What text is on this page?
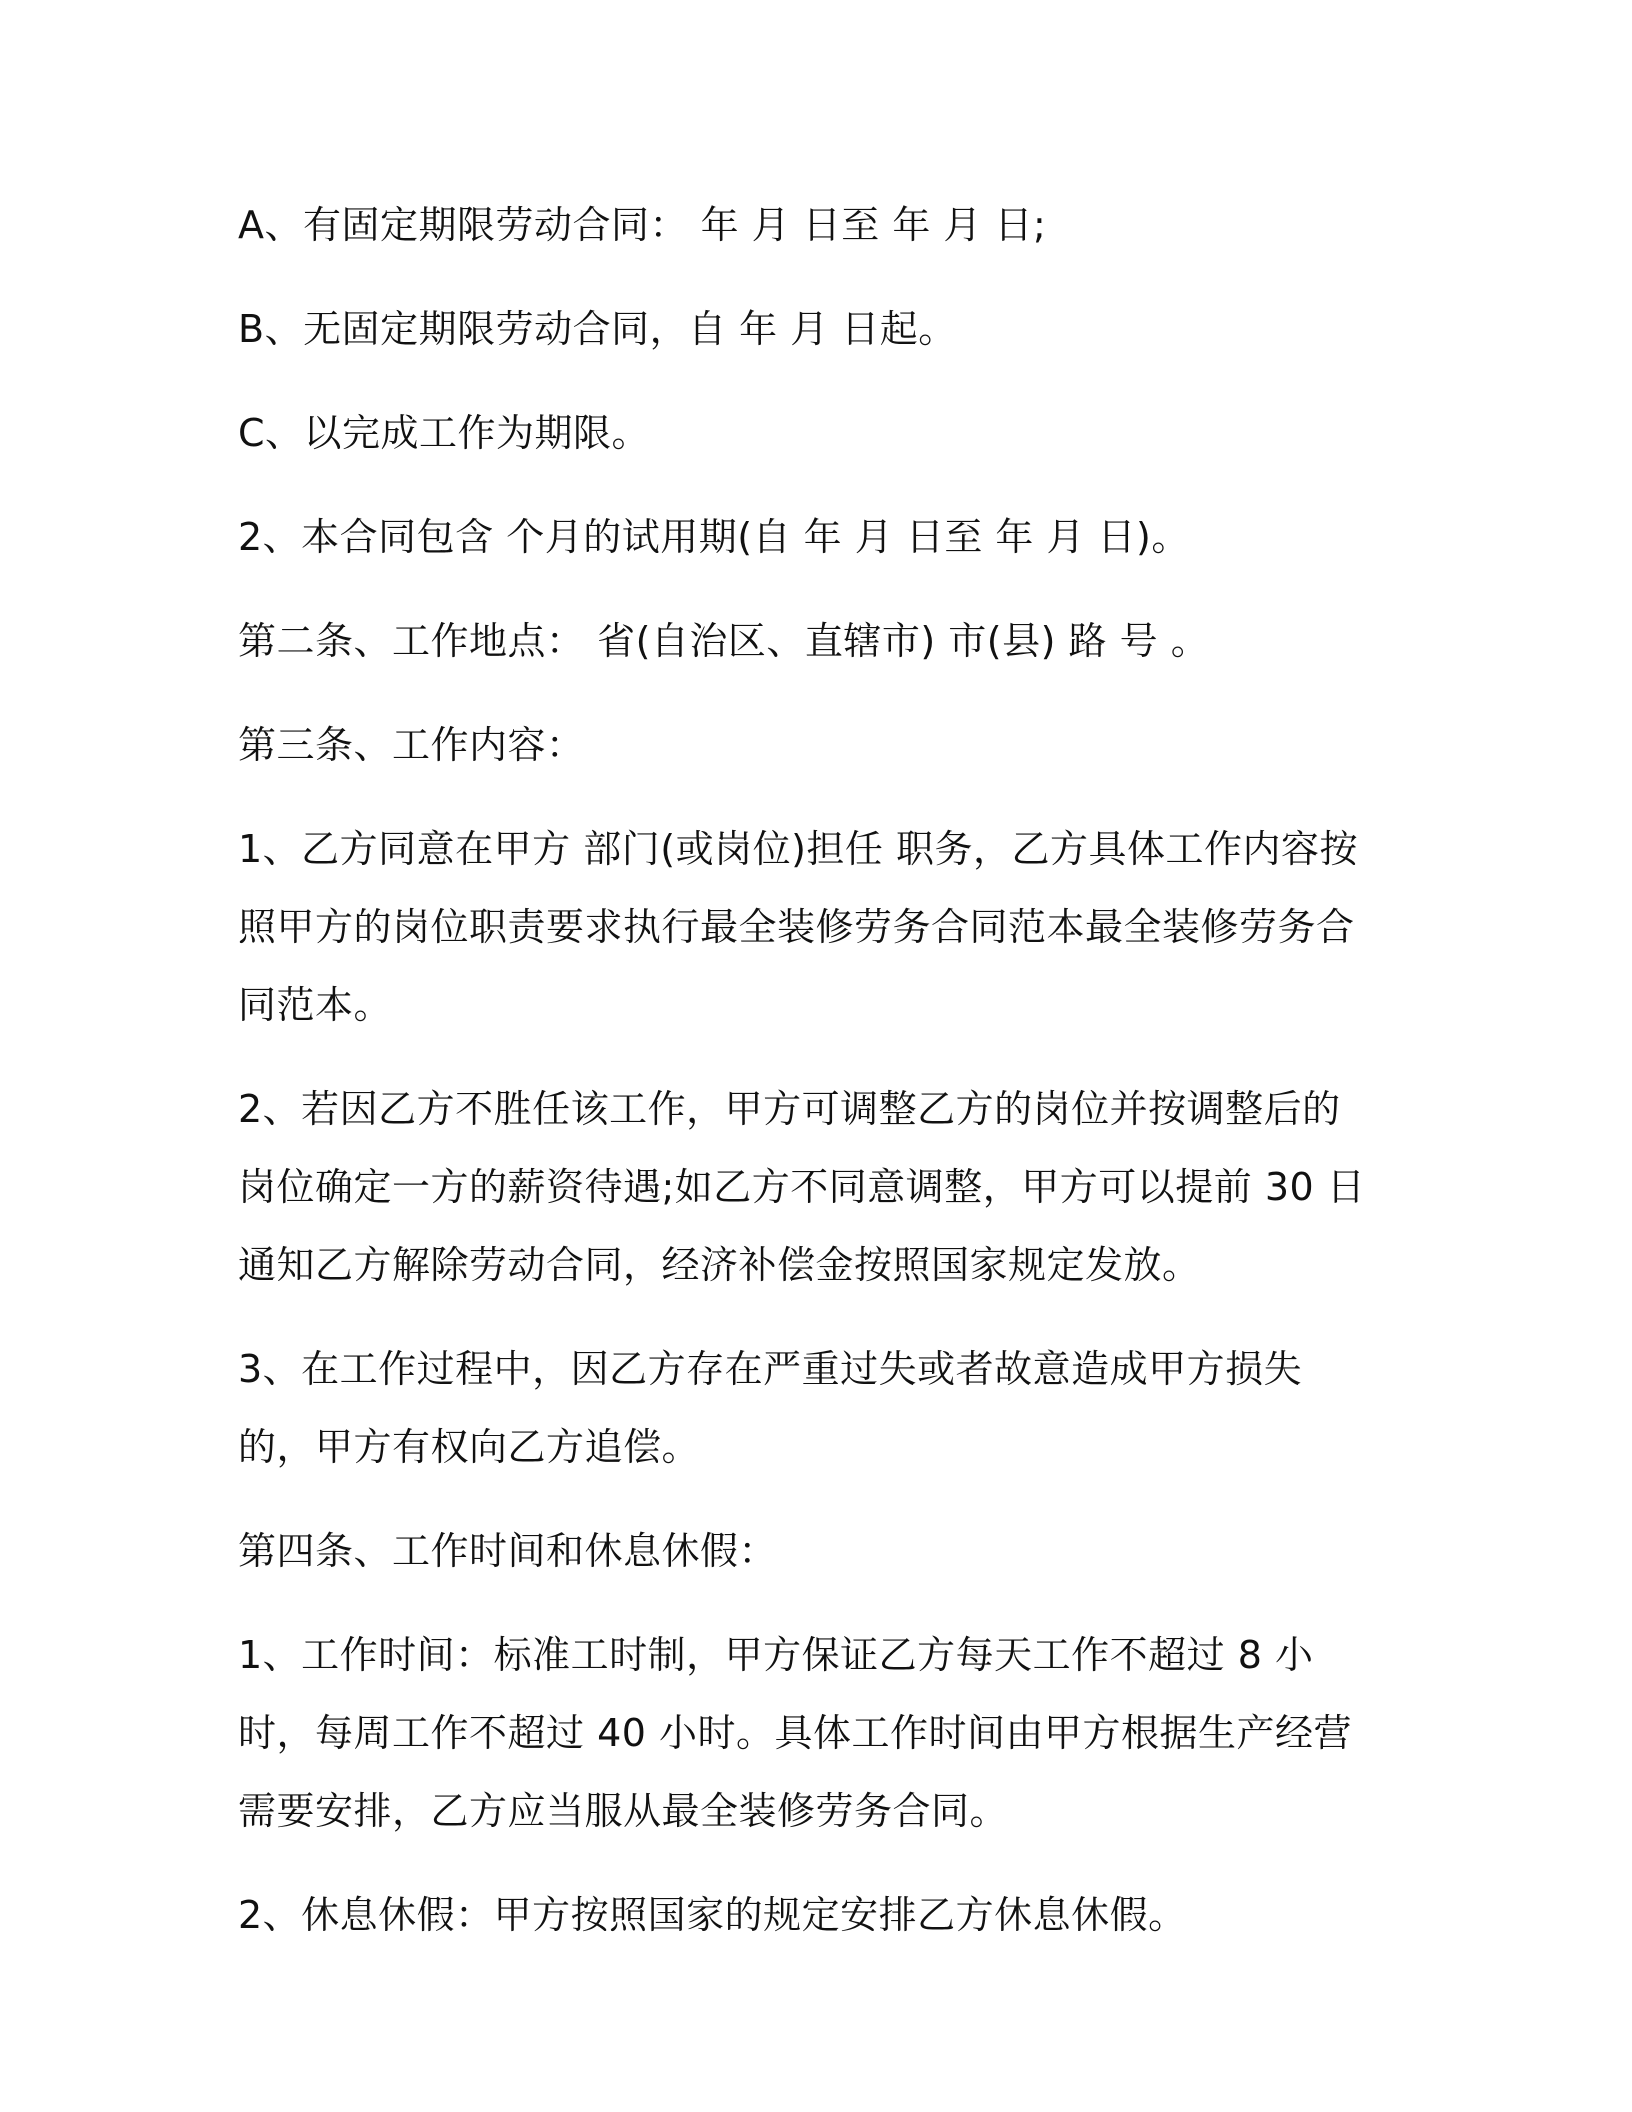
A、有固定期限劳动合同： 年 月 日至 年 月 日;

B、无固定期限劳动合同，自 年 月 日起。

C、以完成工作为期限。

2、本合同包含 个月的试用期(自 年 月 日至 年 月 日)。

第二条、工作地点： 省(自治区、直辖市) 市(县) 路 号 。

第三条、工作内容：

1、乙方同意在甲方 部门(或岗位)担任 职务，乙方具体工作内容按照甲方的岗位职责要求执行最全装修劳务合同范本最全装修劳务合同范本。

2、若因乙方不胜任该工作，甲方可调整乙方的岗位并按调整后的岗位确定一方的薪资待遇;如乙方不同意调整，甲方可以提前 30 日通知乙方解除劳动合同，经济补偿金按照国家规定发放。

3、在工作过程中，因乙方存在严重过失或者故意造成甲方损失的，甲方有权向乙方追偿。

第四条、工作时间和休息休假：

1、工作时间：标准工时制，甲方保证乙方每天工作不超过 8 小时，每周工作不超过 40 小时。具体工作时间由甲方根据生产经营需要安排，乙方应当服从最全装修劳务合同。

2、休息休假：甲方按照国家的规定安排乙方休息休假。
